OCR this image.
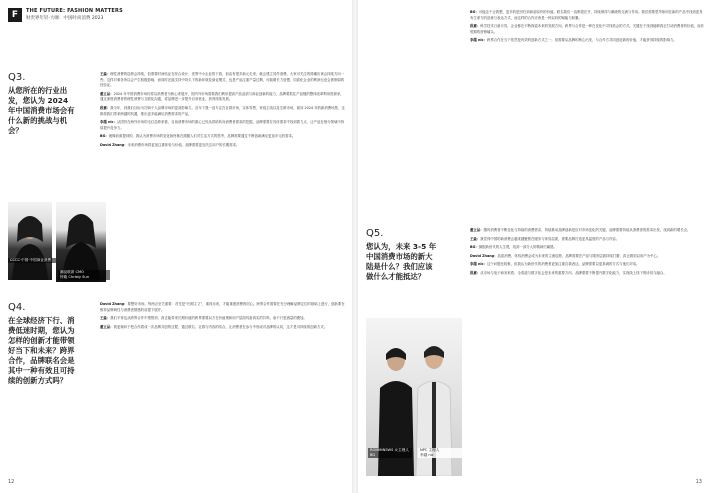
F	THE FUTURE: FASHION MATTERS
财责界年轻·大咖：中国时尚消费 2023
Q3.
从您所在的行业出发，您认为 2024 年中国消费市场会有什么新的挑战与机会？
王淼：理性消费的趋势会持续，但需要时间验证在综合设计、世界中小企业的下游，但由有很多新元走来，就会建立其作消费。大家可关注的简潮应该会持续方向一些。这样对事务所以会产生积极影响，而同时还能支持中持久下的新环境及商业模式，也是产品注重产量过剩，可能增长力放慢，同质化企业的利润无论会被削弱的经验证。
董立品：2024 年中国消费市场仍将以消费者为核心来展开，国内外市场需要我们利用提高产品品质与商业创新的能力，品牌要抓住产品链的整体改革利用资源来，通过深度消费者的理性消费与互联化沟通，将品牌进一步提升自身营业，获得持续发展。
段嘉：我今年，到我们目标为打响个人品牌市场的更高影响力。近年下我一直专注在社群市场，实体零售、家庭主线以及生鲜市场，面向 2024 年的新消费场景，这都将我们带来跨越的机遇，推出更多能满足消费需求的产品。
李越 nic：从国货在海外市场的走红趋势来看，目前消费市场的重心已经从供给转向消费者需求的挖掘，品牌需要在具体需求中找到着力点，让产品在细分领域中持续提升竞争力。
BG：就像前面提到的，我认为消费市场的变化始终都在跟随人们对生活方式的思考，品牌需要通过不断创新满足更加多元的需求。
David Zhang：未来消费市场将更加注重体验与价值，品牌需要更加关注用户的长期需求。
CCCC·中国·中国商业消费
潮品联席 CMO
钟璇 Christy Sun
Q4.
在全球经济下行、消费低迷时期，您认为怎样的创新才能带领好当下和未来？跨界合作，品牌联名会是其中一种有效且可持续的创新方式吗？
David Zhang：要想好市场。每两点至关重要：首先是“长期主义”，重视未来，才能重建消费的信心。跨界合作需要在充分理解品牌定位的基础上进行，创新要在维持品牌调性与消费者情感的前提下展开。
王淼：我们平常也从跨界合作中观察到，真正能带来长期价值的跨界需要双方在价值观和用户层面具备真实的共鸣，而不只是流量的叠加。
董立品：我更倾向于把合作看成一次品牌共创的过程，通过联名、社群与内容的结合，让消费者在参与中形成对品牌的认同，这才是可持续的创新方式。
12
BG：可能这个让我想，更多的是回归到商品原有的价值。联名我们一直都很在开，持续保持与潮流的交流与作用。我们需要思考如何在新的产品中找到更具有生命力的创意与表达方式，而这样的合作应该是一种双向的赋能与积累。
段嘉：科学技术日新月异，企业都在不断探索未来的发展方向。跨界与合作是一种在变化中寻找机会的方式，关键在于找到能够真正打动消费者的价值，而非短期的营销噱头。
李越 nic：跨界合作在当下依然是有效的创新方式之一，但需要从品牌的核心出发，与合作方共同创造新的价值，才能获得持续的影响力。
Q5.
您认为，未来 3-5 年中国消费市场的新大陆是什么？我们应该做什么才能抵达？
董立品：随时消费者不断变化与持续的消费需求，持续推动品牌创新是应对市场变化的关键，品牌需要持续从消费者的需求出发，找到新的增长点。
王淼：我觉得中国的新消费会越来越聚焦在服务与体验层面，需要品牌打造更具温度的产品与内容。
BG：拥抱新世代的人生观，找到一部分人的精神归属感。
David Zhang：品质消费、体验消费会成为未来的主流趋势，品牌需要在产品与服务层面持续打磨，真正做到以用户为中心。
李越 nic：这个问题比较难，但我认为新世代的消费者更加注重自我表达，品牌需要以更真诚的方式与他们对话。
段嘉：从市场与电子商务来看，全渠道与数字化会是未来的重要方向，品牌需要不断提升数字化能力，实现线上线下的协同与融合。
ROMMINSWS 女主理人
BG
NPC 主理人
李越 nic
13
